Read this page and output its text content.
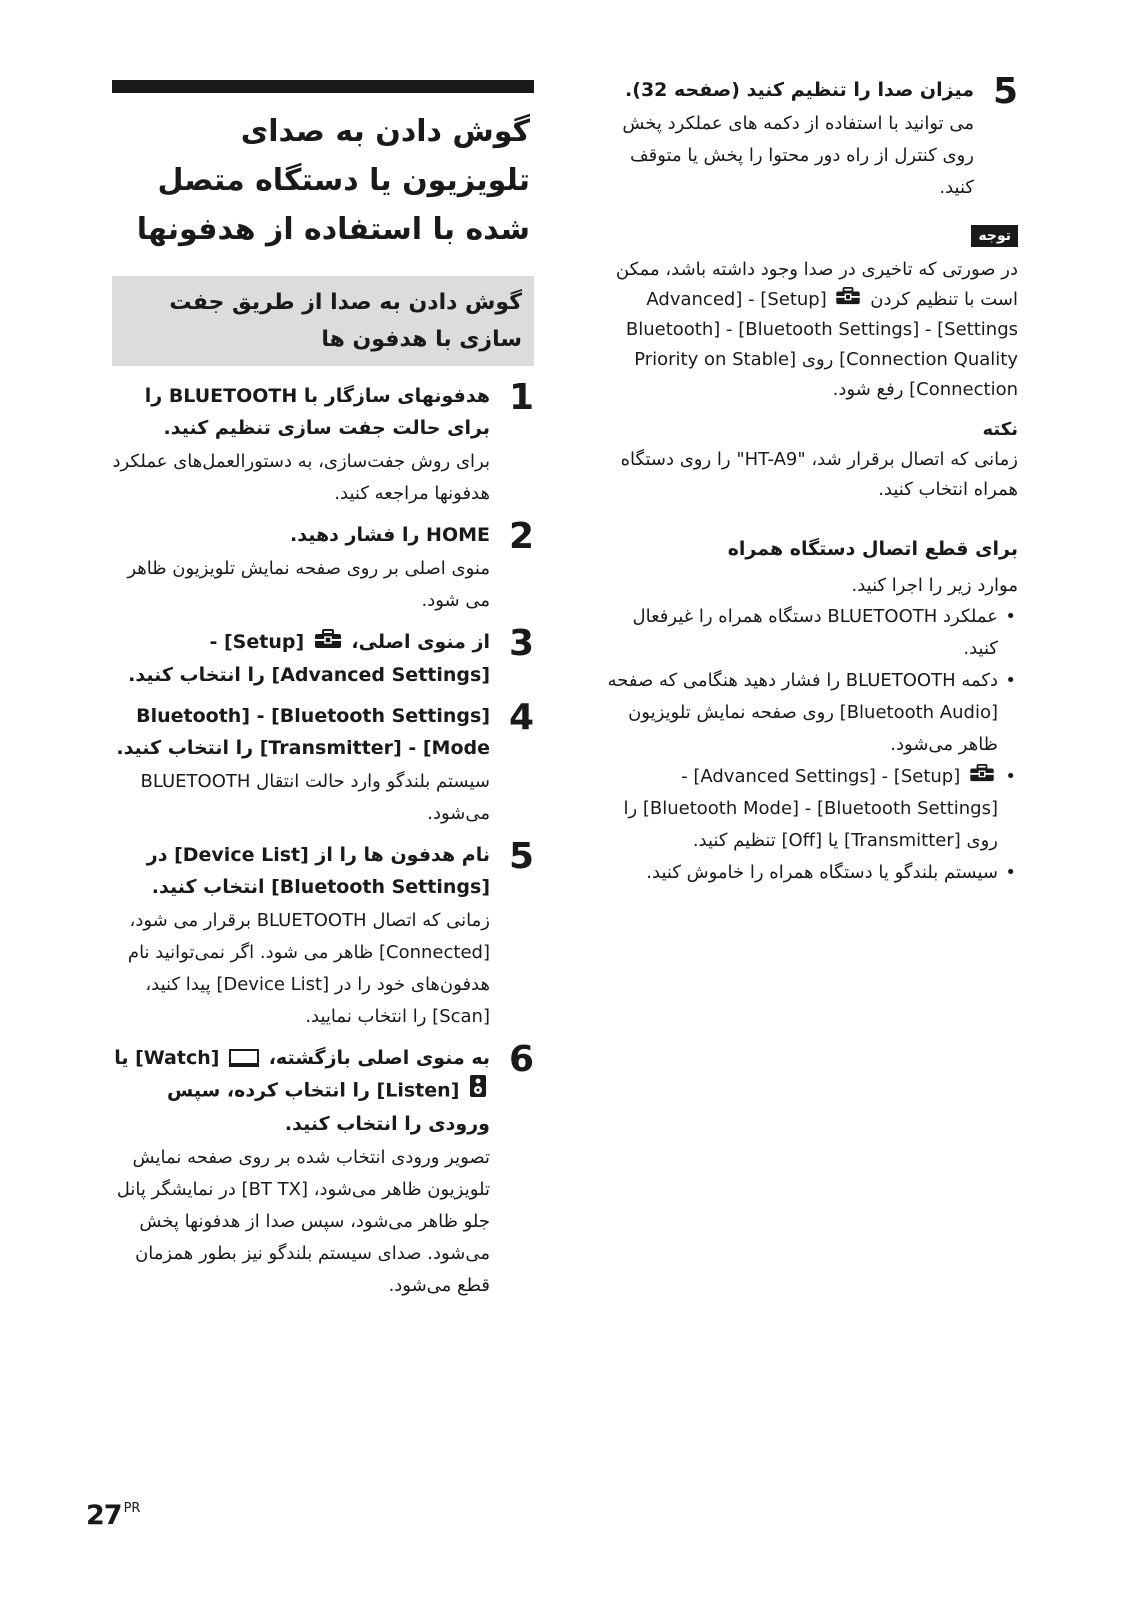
گوش دادن به صدای تلویزیون یا دستگاه متصل شده با استفاده از هدفونها
گوش دادن به صدا از طریق جفت سازی با هدفون ها
1
هدفونهای سازگار با BLUETOOTH را برای حالت جفت سازی تنظیم کنید.
برای روش جفت‌سازی، به دستورالعمل‌های عملکرد هدفونها مراجعه کنید.
2
HOME را فشار دهید.
منوی اصلی بر روی صفحه نمایش تلویزیون ظاهر می شود.
3
از منوی اصلی،  [Setup] - [Advanced Settings] را انتخاب کنید.
4
[Bluetooth Settings] - [Bluetooth Mode] - [Transmitter] را انتخاب کنید.
سیستم بلندگو وارد حالت انتقال BLUETOOTH می‌شود.
5
نام هدفون ها را از [Device List] در [Bluetooth Settings] انتخاب کنید.
زمانی که اتصال BLUETOOTH برقرار می شود، [Connected] ظاهر می شود. اگر نمی‌توانید نام هدفون‌های خود را در [Device List] پیدا کنید، [Scan] را انتخاب نمایید.
6
به منوی اصلی بازگشته،  [Watch] یا  [Listen] را انتخاب کرده، سپس ورودی را انتخاب کنید.
تصویر ورودی انتخاب شده بر روی صفحه نمایش تلویزیون ظاهر می‌شود، [BT TX] در نمایشگر پانل جلو ظاهر می‌شود، سپس صدا از هدفونها پخش می‌شود. صدای سیستم بلندگو نیز بطور همزمان قطع می‌شود.
5
میزان صدا را تنظیم کنید (صفحه 32).
می توانید با استفاده از دکمه های عملکرد پخش روی کنترل از راه دور محتوا را پخش یا متوقف کنید.
توجه
در صورتی که تاخیری در صدا وجود داشته باشد، ممکن است با تنظیم کردن  [Setup] - [Advanced Settings] - [Bluetooth Settings] - [Bluetooth Connection Quality] روی [Priority on Stable Connection] رفع شود.
نکته
زمانی که اتصال برقرار شد، "HT-A9" را روی دستگاه همراه انتخاب کنید.
برای قطع اتصال دستگاه همراه
موارد زیر را اجرا کنید.
• عملکرد BLUETOOTH دستگاه همراه را غیرفعال کنید.
• دکمه BLUETOOTH را فشار دهید هنگامی که صفحه [Bluetooth Audio] روی صفحه نمایش تلویزیون ظاهر می‌شود.
• [Setup] - [Advanced Settings] - [Bluetooth Settings] - [Bluetooth Mode] را روی [Transmitter] یا [Off] تنظیم کنید.
• سیستم بلندگو یا دستگاه همراه را خاموش کنید.
27 $^{PR}$
